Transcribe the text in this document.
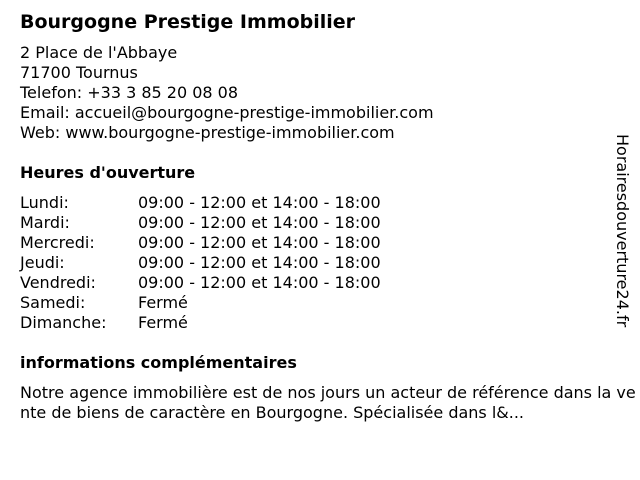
Bourgogne Prestige Immobilier
2 Place de l'Abbaye
71700 Tournus
Telefon: +33 3 85 20 08 08
Email: accueil@bourgogne-prestige-immobilier.com
Web: www.bourgogne-prestige-immobilier.com
Heures d'ouverture
Lundi:	09:00 - 12:00 et 14:00 - 18:00
Mardi:	09:00 - 12:00 et 14:00 - 18:00
Mercredi:	09:00 - 12:00 et 14:00 - 18:00
Jeudi:	09:00 - 12:00 et 14:00 - 18:00
Vendredi:	09:00 - 12:00 et 14:00 - 18:00
Samedi:	Fermé
Dimanche:	Fermé
informations complémentaires
Notre agence immobilière est de nos jours un acteur de référence dans la vente de biens de caractère en Bourgogne. Spécialisée dans l&...
Horairesdouverture24.fr
